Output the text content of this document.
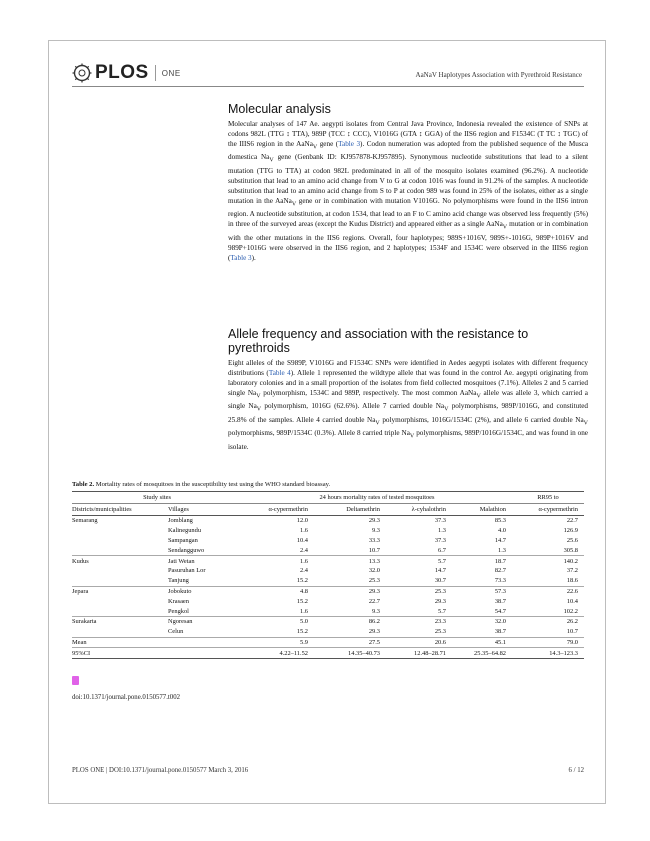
PLOS ONE	AaNaV Haplotypes Association with Pyrethroid Resistance
Molecular analysis

Molecular analyses of 147 Ae. aegypti isolates from Central Java Province, Indonesia revealed the existence of SNPs at codons 982L (TTG ↕ TTA), 989P (TCC ↕ CCC), V1016G (GTA ↕ GGA) of the IIS6 region and F1534C (T TC ↕ TGC) of the IIIS6 region in the AaNa$_V$ gene (Table 3). Codon numeration was adopted from the published sequence of the Musca domestica $Na_V$ gene (Genbank ID: KJ957878-KJ957895). Synonymous nucleotide substitutions that lead to a silent mutation (TTG to TTA) at codon 982L predominated in all of the mosquito isolates examined (96.2%). A nucleotide substitution that lead to an amino acid change from V to G at codon 1016 was found in 91.2% of the samples. A nucleotide substitution that lead to an amino acid change from S to P at codon 989 was found in 25% of the isolates, either as a single mutation in the AaNa$_V$ gene or in combination with mutation V1016G. No polymorphisms were found in the IIS6 intron region. A nucleotide substitution, at codon 1534, that lead to an F to C amino acid change was observed less frequently (5%) in three of the surveyed areas (except the Kudus District) and appeared either as a single AaNa$_V$ mutation or in combination with the other mutations in the IIS6 regions. Overall, four haplotypes; 989S+1016V, 989S+-1016G, 989P+1016V and 989P+1016G were observed in the IIS6 region, and 2 haplotypes; 1534F and 1534C were observed in the IIIS6 region (Table 3).

Allele frequency and association with the resistance to pyrethroids

Eight alleles of the S989P, V1016G and F1534C SNPs were identified in Aedes aegypti isolates with different frequency distributions (Table 4). Allele 1 represented the wildtype allele that was found in the control Ae. aegypti originating from laboratory colonies and in a small proportion of the isolates from field collected mosquitoes (7.1%). Alleles 2 and 5 carried single $Na_V$ polymorphism, 1534C and 989P, respectively. The most common AaNa$_V$ allele was allele 3, which carried a single $Na_V$ polymorphism, 1016G (62.6%). Allele 7 carried double $Na_V$ polymorphisms, 989P/1016G, and constituted 25.8% of the samples. Allele 4 carried double $Na_V$ polymorphisms, 1016G/1534C (2%), and allele 6 carried double $Na_V$ polymorphisms, 989P/1534C (0.3%). Allele 8 carried triple $Na_V$ polymorphisms, 989P/1016G/1534C, and was found in one isolate.

Table 2. Mortality rates of mosquitoes in the susceptibility test using the WHO standard bioassay.
Study sites		24 hours mortality rates of tested mosquitoes				RR95 to
Districts/municipalities	Villages	α-cypermethrin	Deltamethrin	λ-cyhalothrin	Malathion	α-cypermethrin
Semarang	Jomblang	12.0	29.3	37.3	85.3	22.7
	Kalinegundu	1.6	9.3	1.3	4.0	126.9
	Sampangan	10.4	33.3	37.3	14.7	25.6
	Sendangguwo	2.4	10.7	6.7	1.3	305.8
Kudus	Jati Wetan	1.6	13.3	5.7	18.7	140.2
	Pasuruhan Lor	2.4	32.0	14.7	82.7	37.2
	Tanjung	15.2	25.3	30.7	73.3	18.6
Jepara	Jobokuto	4.8	29.3	25.3	57.3	22.6
	Krasaen	15.2	22.7	29.3	38.7	10.4
	Pengkol	1.6	9.3	5.7	54.7	102.2
Surakarta	Ngoresan	5.0	86.2	23.3	32.0	26.2
	Celun	15.2	29.3	25.3	38.7	10.7
Mean		5.9	27.5	20.6	45.1	79.0
95%CI		4.22–11.52	14.35–40.73	12.48–28.71	25.35–64.82	14.3–123.3
doi:10.1371/journal.pone.0150577.t002
PLOS ONE | DOI:10.1371/journal.pone.0150577 March 3, 2016	6 / 12
